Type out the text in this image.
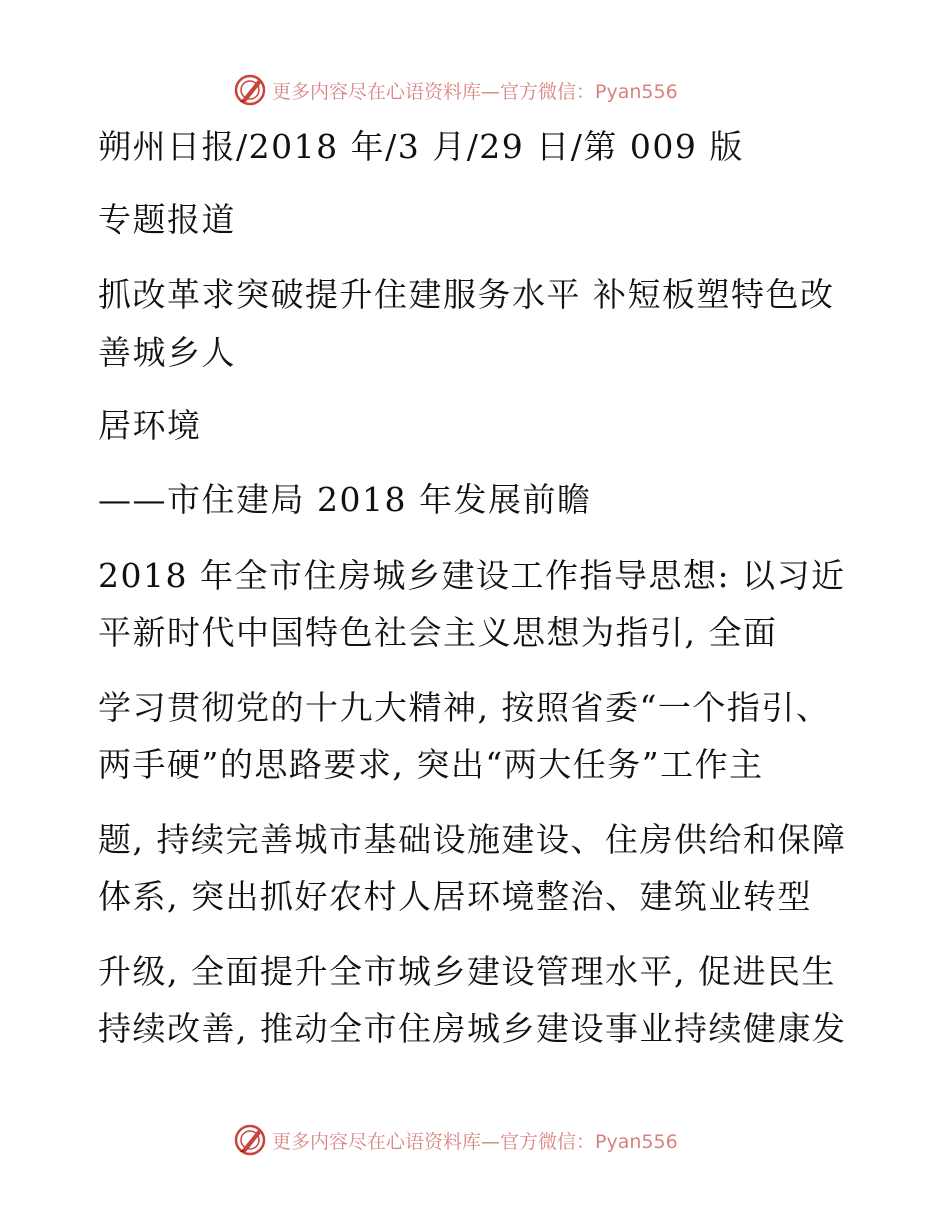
更多内容尽在心语资料库—官方微信：Pyan556
朔州日报/2018 年/3 月/29 日/第 009 版
专题报道
抓改革求突破提升住建服务水平 补短板塑特色改
善城乡人
居环境
——市住建局 2018 年发展前瞻
2018 年全市住房城乡建设工作指导思想: 以习近
平新时代中国特色社会主义思想为指引, 全面
学习贯彻党的十九大精神, 按照省委“一个指引、
两手硬”的思路要求, 突出“两大任务”工作主
题, 持续完善城市基础设施建设、住房供给和保障
体系, 突出抓好农村人居环境整治、建筑业转型
升级, 全面提升全市城乡建设管理水平, 促进民生
持续改善, 推动全市住房城乡建设事业持续健康发
更多内容尽在心语资料库—官方微信：Pyan556
